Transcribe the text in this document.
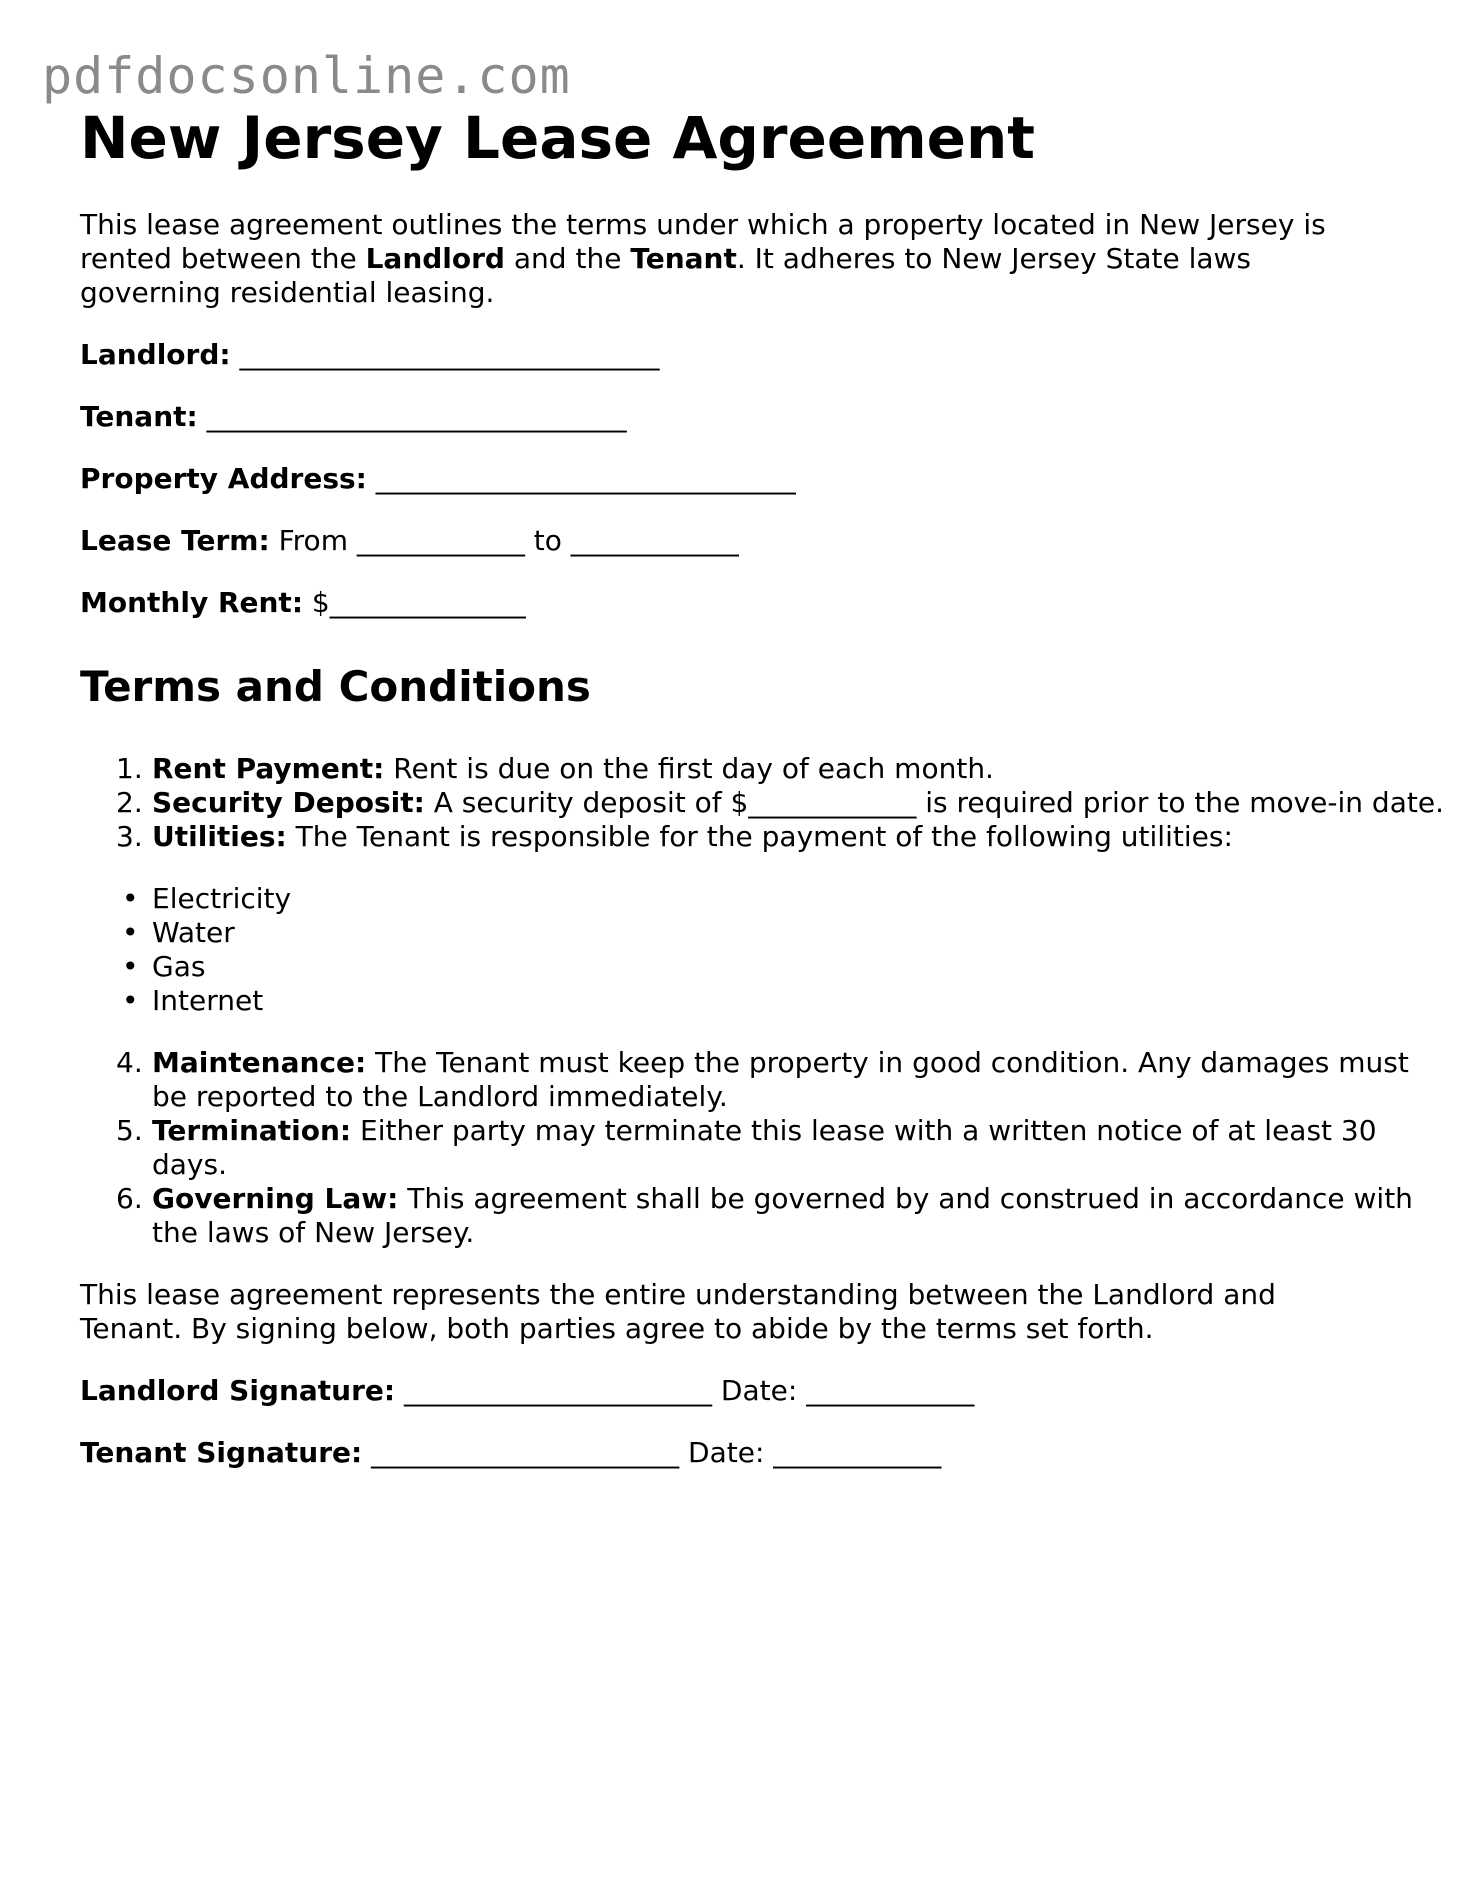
pdfdocsonline.com
New Jersey Lease Agreement

This lease agreement outlines the terms under which a property located in New Jersey is rented between the Landlord and the Tenant. It adheres to New Jersey State laws governing residential leasing.

Landlord: ______________________________

Tenant: ______________________________

Property Address: ______________________________

Lease Term: From ____________ to ____________

Monthly Rent: $______________

Terms and Conditions
1. Rent Payment: Rent is due on the first day of each month.
2. Security Deposit: A security deposit of $____________ is required prior to the move-in date.
3. Utilities: The Tenant is responsible for the payment of the following utilities:
• Electricity
• Water
• Gas
• Internet
4. Maintenance: The Tenant must keep the property in good condition. Any damages must be reported to the Landlord immediately.
5. Termination: Either party may terminate this lease with a written notice of at least 30 days.
6. Governing Law: This agreement shall be governed by and construed in accordance with the laws of New Jersey.

This lease agreement represents the entire understanding between the Landlord and Tenant. By signing below, both parties agree to abide by the terms set forth.

Landlord Signature: ______________________ Date: ____________

Tenant Signature: ______________________ Date: ____________
